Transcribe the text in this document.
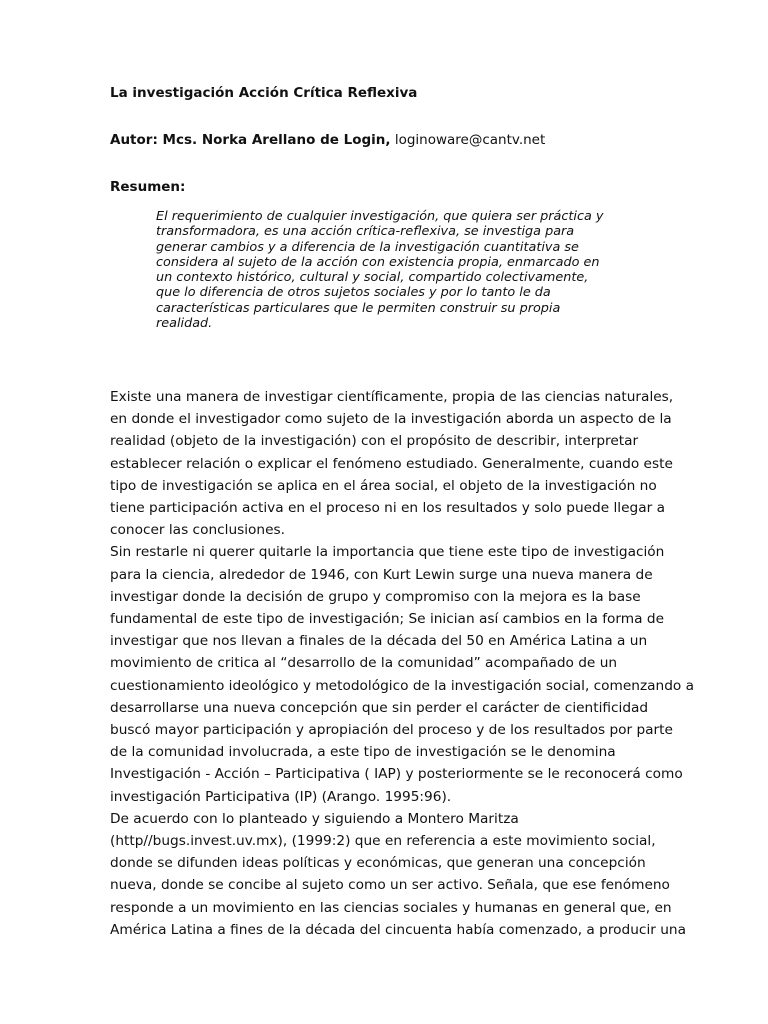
La investigación Acción Crítica Reflexiva
Autor: Mcs. Norka Arellano de Login, loginoware@cantv.net
Resumen:
El requerimiento de cualquier investigación, que quiera ser práctica y
transformadora, es una acción crítica-reflexiva, se investiga para
generar cambios y a diferencia de la investigación cuantitativa se
considera al sujeto de la acción con existencia propia, enmarcado en
un contexto histórico, cultural y social, compartido colectivamente,
que lo diferencia de otros sujetos sociales y por lo tanto le da
características particulares que le permiten construir su propia
realidad.
Existe una manera de investigar científicamente, propia de las ciencias naturales,
en donde el investigador como sujeto de la investigación aborda un aspecto de la
realidad (objeto de la investigación) con el propósito de describir, interpretar
establecer relación o explicar el fenómeno estudiado. Generalmente, cuando este
tipo de investigación se aplica en el área social, el objeto de la investigación no
tiene participación activa en el proceso ni en los resultados y solo puede llegar a
conocer las conclusiones.
Sin restarle ni querer quitarle la importancia que tiene este tipo de investigación
para la ciencia, alrededor de 1946, con Kurt Lewin surge una nueva manera de
investigar donde la decisión de grupo y compromiso con la mejora es la base
fundamental de este tipo de investigación; Se inician así cambios en la forma de
investigar que nos llevan a finales de la década del 50 en América Latina a un
movimiento de critica al “desarrollo de la comunidad” acompañado de un
cuestionamiento ideológico y metodológico de la investigación social, comenzando a
desarrollarse una nueva concepción que sin perder el carácter de cientificidad
buscó mayor participación y apropiación del proceso y de los resultados por parte
de la comunidad involucrada, a este tipo de investigación se le denomina
Investigación - Acción – Participativa ( IAP) y posteriormente se le reconocerá como
investigación Participativa (IP) (Arango. 1995:96).
De acuerdo con lo planteado y siguiendo a Montero Maritza
(http//bugs.invest.uv.mx), (1999:2) que en referencia a este movimiento social,
donde se difunden ideas políticas y económicas, que generan una concepción
nueva, donde se concibe al sujeto como un ser activo. Señala, que ese fenómeno
responde a un movimiento en las ciencias sociales y humanas en general que, en
América Latina a fines de la década del cincuenta había comenzado, a producir una
